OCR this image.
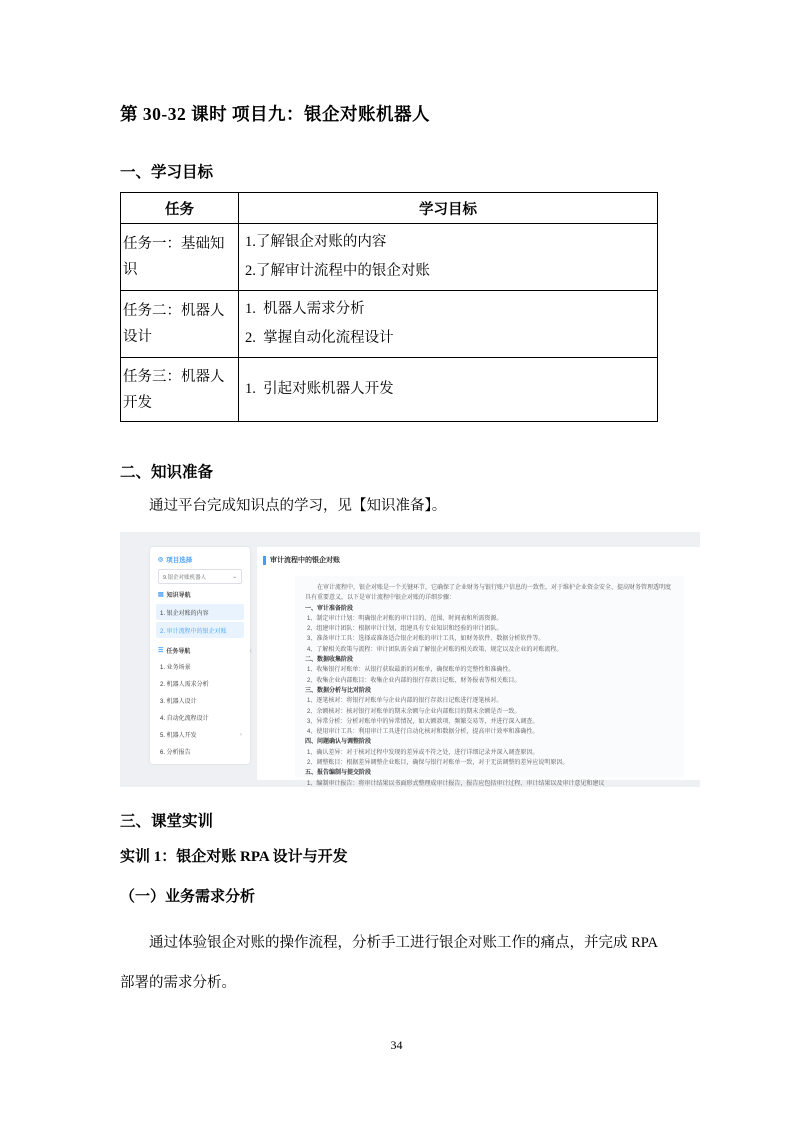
第 30-32 课时 项目九：银企对账机器人
一、学习目标
任务	学习目标
任务一：基础知识	1.了解银企对账的内容

2.了解审计流程中的银企对账

任务二：机器人设计	1.  机器人需求分析

2.  掌握自动化流程设计

任务三：机器人开发	1.  引起对账机器人开发

二、知识准备

通过平台完成知识点的学习，见【知识准备】。

◎ 项目选择
9.银企对账机器人	⌄
▤ 知识导航
1. 银企对账的内容
2. 审计流程中的银企对账
☰ 任务导航
1. 业务场景
2. 机器人需求分析
3. 机器人设计
4. 自动化流程设计
5. 机器人开发	›
6. 分析报告
‹
审计流程中的银企对账

在审计流程中，银企对账是一个关键环节，它确保了企业财务与银行账户信息的一致性，对于维护企业资金安全、提高财务管理透明度具有重要意义，以下是审计流程中银企对账的详细步骤：

一、审计准备阶段

1、制定审计计划：明确银企对账的审计目的、范围、时间表和所需资源。

2、组建审计团队：根据审计计划，组建具有专业知识和经验的审计团队。

3、准备审计工具：选择或准备适合银企对账的审计工具，如财务软件、数据分析软件等。

4、了解相关政策与流程：审计团队需全面了解银企对账的相关政策、规定以及企业的对账流程。

二、数据收集阶段

1、收集银行对账单：从银行获取最新的对账单，确保账单的完整性和准确性。

2、收集企业内部账目：收集企业内部的银行存款日记账、财务报表等相关账目。

三、数据分析与比对阶段

1、逐笔核对：将银行对账单与企业内部的银行存款日记账进行逐笔核对。

2、余额核对：核对银行对账单的期末余额与企业内部账目的期末余额是否一致。

3、异常分析：分析对账单中的异常情况，如大额款项、频繁交易等，并进行深入调查。

4、使用审计工具：利用审计工具进行自动化核对和数据分析，提高审计效率和准确性。

四、问题确认与调整阶段

1、确认差异：对于核对过程中发现的差异或不符之处，进行详细记录并深入调查原因。

2、调整账目：根据差异调整企业账目，确保与银行对账单一致，对于无法调整的差异应说明原因。

五、报告编制与提交阶段

1、编制审计报告：将审计结果以书面形式整理成审计报告，报告应包括审计过程、审计结果以及审计意见和建议

三、课堂实训
实训 1：银企对账 RPA 设计与开发
（一）业务需求分析

通过体验银企对账的操作流程，分析手工进行银企对账工作的痛点，并完成 RPA 部署的需求分析。

34
